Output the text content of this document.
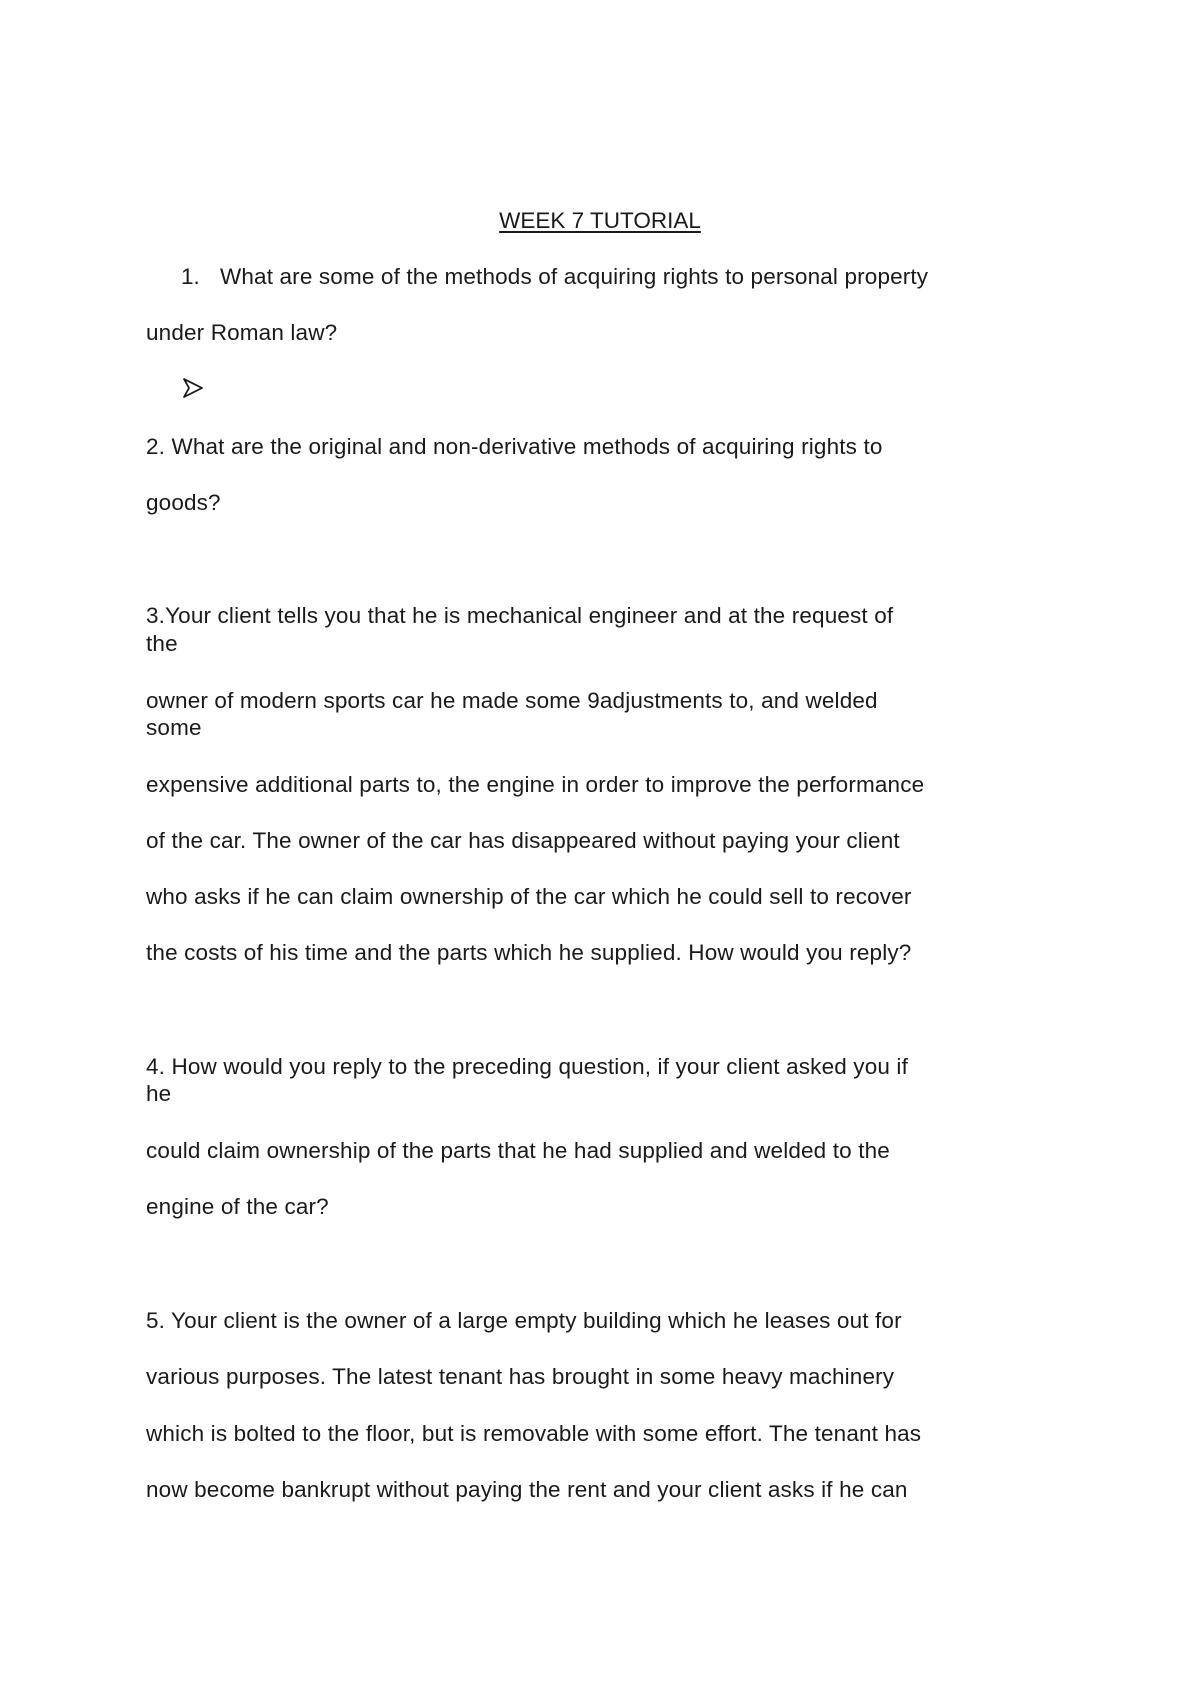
WEEK 7 TUTORIAL
1. What are some of the methods of acquiring rights to personal property
under Roman law?
2. What are the original and non-derivative methods of acquiring rights to
goods?
3.Your client tells you that he is mechanical engineer and at the request of
the
owner of modern sports car he made some 9adjustments to, and welded
some
expensive additional parts to, the engine in order to improve the performance
of the car. The owner of the car has disappeared without paying your client
who asks if he can claim ownership of the car which he could sell to recover
the costs of his time and the parts which he supplied. How would you reply?
4. How would you reply to the preceding question, if your client asked you if
he
could claim ownership of the parts that he had supplied and welded to the
engine of the car?
5. Your client is the owner of a large empty building which he leases out for
various purposes. The latest tenant has brought in some heavy machinery
which is bolted to the floor, but is removable with some effort. The tenant has
now become bankrupt without paying the rent and your client asks if he can
